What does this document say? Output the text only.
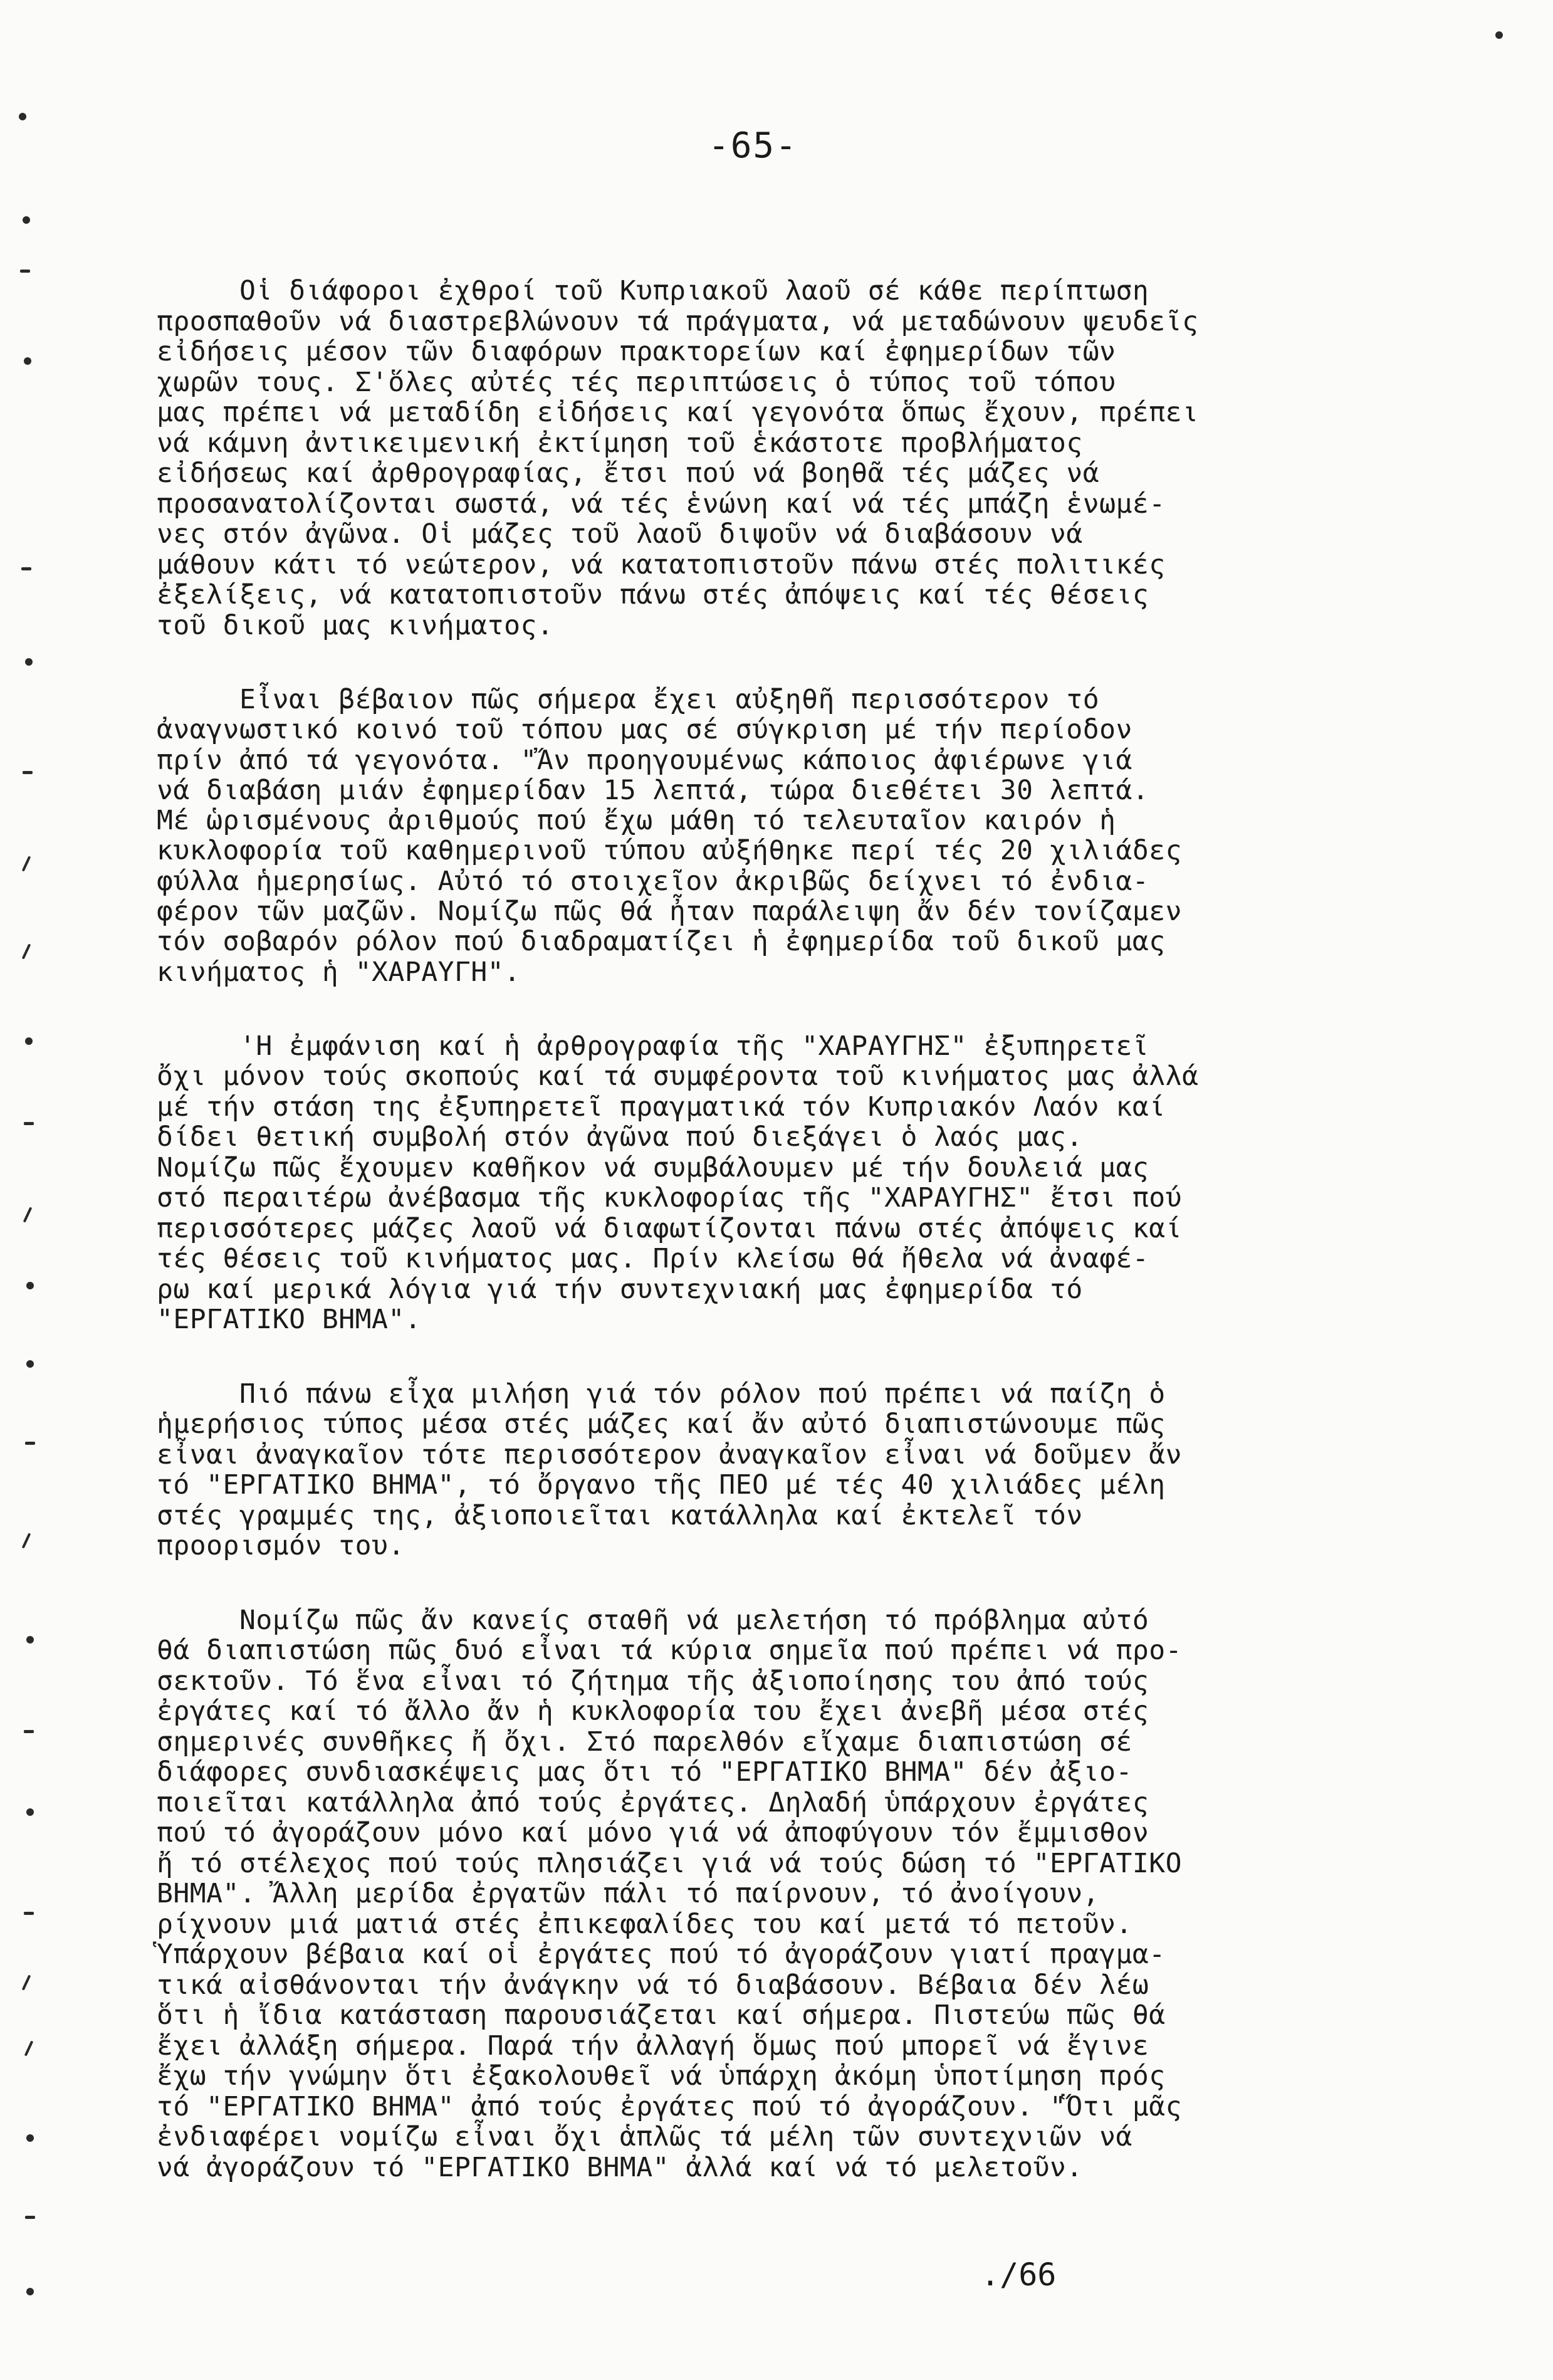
-65-
Οἱ διάφοροι ἐχθροί τοῦ Κυπριακοῦ λαοῦ σέ κάθε περίπτωση
προσπαθοῦν νά διαστρεβλώνουν τά πράγματα, νά μεταδώνουν ψευδεῖς
εἰδήσεις μέσον τῶν διαφόρων πρακτορείων καί ἐφημερίδων τῶν
χωρῶν τους. Σ'ὅλες αὐτές τές περιπτώσεις ὁ τύπος τοῦ τόπου
μας πρέπει νά μεταδίδη εἰδήσεις καί γεγονότα ὅπως ἔχουν, πρέπει
νά κάμνη ἀντικειμενική ἐκτίμηση τοῦ ἑκάστοτε προβλήματος
εἰδήσεως καί ἀρθρογραφίας, ἔτσι πού νά βοηθᾶ τές μάζες νά
προσανατολίζονται σωστά, νά τές ἑνώνη καί νά τές μπάζη ἑνωμέ-
νες στόν ἀγῶνα. Οἱ μάζες τοῦ λαοῦ διψοῦν νά διαβάσουν νά
μάθουν κάτι τό νεώτερον, νά κατατοπιστοῦν πάνω στές πολιτικές
ἐξελίξεις, νά κατατοπιστοῦν πάνω στές ἀπόψεις καί τές θέσεις
τοῦ δικοῦ μας κινήματος.
Εἶναι βέβαιον πῶς σήμερα ἔχει αὐξηθῆ περισσότερον τό
ἀναγνωστικό κοινό τοῦ τόπου μας σέ σύγκριση μέ τήν περίοδον
πρίν ἀπό τά γεγονότα. "Ἄν προηγουμένως κάποιος ἀφιέρωνε γιά
νά διαβάση μιάν ἐφημερίδαν 15 λεπτά, τώρα διεθέτει 30 λεπτά.
Μέ ὡρισμένους ἀριθμούς πού ἔχω μάθη τό τελευταῖον καιρόν ἡ
κυκλοφορία τοῦ καθημερινοῦ τύπου αὐξήθηκε περί τές 20 χιλιάδες
φύλλα ἡμερησίως. Αὐτό τό στοιχεῖον ἀκριβῶς δείχνει τό ἐνδια-
φέρον τῶν μαζῶν. Νομίζω πῶς θά ἦταν παράλειψη ἄν δέν τονίζαμεν
τόν σοβαρόν ρόλον πού διαδραματίζει ἡ ἐφημερίδα τοῦ δικοῦ μας
κινήματος ἡ "ΧΑΡΑΥΓΗ".
'Η ἐμφάνιση καί ἡ ἀρθρογραφία τῆς "ΧΑΡΑΥΓΗΣ" ἐξυπηρετεῖ
ὄχι μόνον τούς σκοπούς καί τά συμφέροντα τοῦ κινήματος μας ἀλλά
μέ τήν στάση της ἐξυπηρετεῖ πραγματικά τόν Κυπριακόν Λαόν καί
δίδει θετική συμβολή στόν ἀγῶνα πού διεξάγει ὁ λαός μας.
Νομίζω πῶς ἔχουμεν καθῆκον νά συμβάλουμεν μέ τήν δουλειά μας
στό περαιτέρω ἀνέβασμα τῆς κυκλοφορίας τῆς "ΧΑΡΑΥΓΗΣ" ἔτσι πού
περισσότερες μάζες λαοῦ νά διαφωτίζονται πάνω στές ἀπόψεις καί
τές θέσεις τοῦ κινήματος μας. Πρίν κλείσω θά ἤθελα νά ἀναφέ-
ρω καί μερικά λόγια γιά τήν συντεχνιακή μας ἐφημερίδα τό
"ΕΡΓΑΤΙΚΟ ΒΗΜΑ".
Πιό πάνω εἶχα μιλήση γιά τόν ρόλον πού πρέπει νά παίζη ὁ
ἡμερήσιος τύπος μέσα στές μάζες καί ἄν αὐτό διαπιστώνουμε πῶς
εἶναι ἀναγκαῖον τότε περισσότερον ἀναγκαῖον εἶναι νά δοῦμεν ἄν
τό "ΕΡΓΑΤΙΚΟ ΒΗΜΑ", τό ὄργανο τῆς ΠΕΟ μέ τές 40 χιλιάδες μέλη
στές γραμμές της, ἀξιοποιεῖται κατάλληλα καί ἐκτελεῖ τόν
προορισμόν του.
Νομίζω πῶς ἄν κανείς σταθῆ νά μελετήση τό πρόβλημα αὐτό
θά διαπιστώση πῶς δυό εἶναι τά κύρια σημεῖα πού πρέπει νά προ-
σεκτοῦν. Τό ἕνα εἶναι τό ζήτημα τῆς ἀξιοποίησης του ἀπό τούς
ἐργάτες καί τό ἄλλο ἄν ἡ κυκλοφορία του ἔχει ἀνεβῆ μέσα στές
σημερινές συνθῆκες ἤ ὄχι. Στό παρελθόν εἴχαμε διαπιστώση σέ
διάφορες συνδιασκέψεις μας ὅτι τό "ΕΡΓΑΤΙΚΟ ΒΗΜΑ" δέν ἀξιο-
ποιεῖται κατάλληλα ἀπό τούς ἐργάτες. Δηλαδή ὑπάρχουν ἐργάτες
πού τό ἀγοράζουν μόνο καί μόνο γιά νά ἀποφύγουν τόν ἔμμισθον
ἤ τό στέλεχος πού τούς πλησιάζει γιά νά τούς δώση τό "ΕΡΓΑΤΙΚΟ
ΒΗΜΑ". Ἄλλη μερίδα ἐργατῶν πάλι τό παίρνουν, τό ἀνοίγουν,
ρίχνουν μιά ματιά στές ἐπικεφαλίδες του καί μετά τό πετοῦν.
Ὑπάρχουν βέβαια καί οἱ ἐργάτες πού τό ἀγοράζουν γιατί πραγμα-
τικά αἰσθάνονται τήν ἀνάγκην νά τό διαβάσουν. Βέβαια δέν λέω
ὅτι ἡ ἴδια κατάσταση παρουσιάζεται καί σήμερα. Πιστεύω πῶς θά
ἔχει ἀλλάξη σήμερα. Παρά τήν ἀλλαγή ὅμως πού μπορεῖ νά ἔγινε
ἔχω τήν γνώμην ὅτι ἐξακολουθεῖ νά ὑπάρχη ἀκόμη ὑποτίμηση πρός
τό "ΕΡΓΑΤΙΚΟ ΒΗΜΑ" ἀπό τούς ἐργάτες πού τό ἀγοράζουν. "Ὅτι μᾶς
ἐνδιαφέρει νομίζω εἶναι ὄχι ἁπλῶς τά μέλη τῶν συντεχνιῶν νά
νά ἀγοράζουν τό "ΕΡΓΑΤΙΚΟ ΒΗΜΑ" ἀλλά καί νά τό μελετοῦν.
./66
